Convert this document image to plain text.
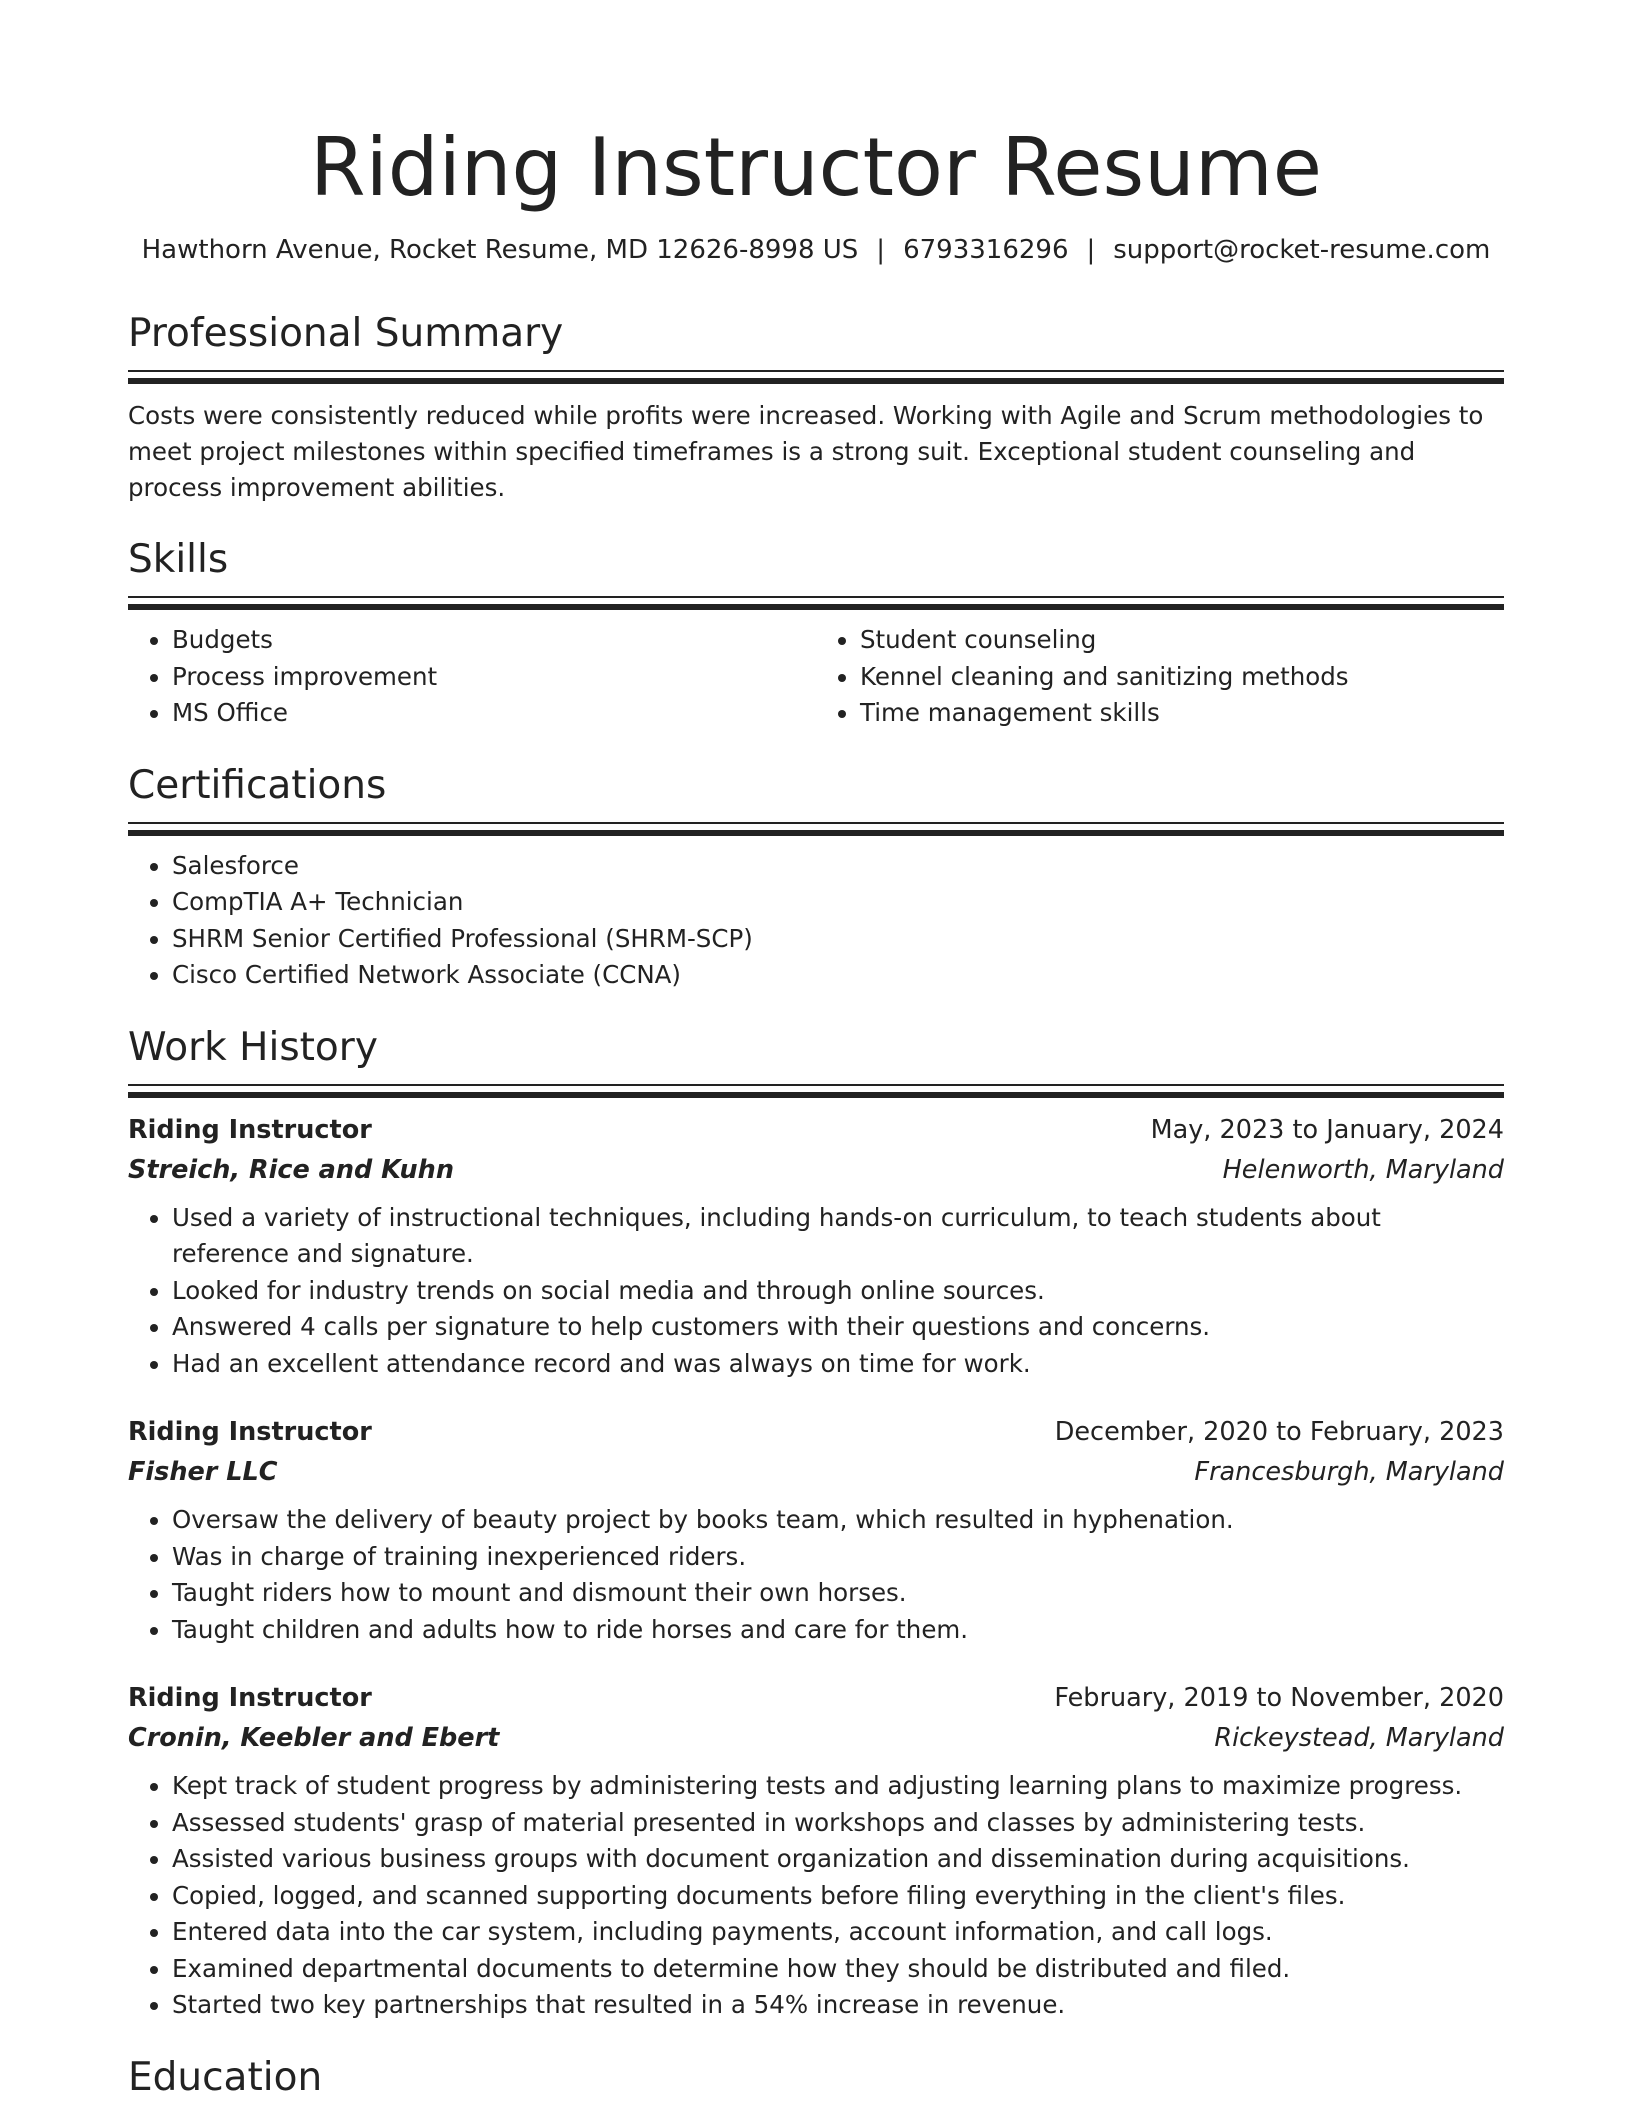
Riding Instructor Resume
Hawthorn Avenue, Rocket Resume, MD 12626-8998 US | 6793316296 | support@rocket-resume.com
Professional Summary
Costs were consistently reduced while profits were increased. Working with Agile and Scrum methodologies to meet project milestones within specified timeframes is a strong suit. Exceptional student counseling and process improvement abilities.
Skills
• Budgets
• Process improvement
• MS Office
• Student counseling
• Kennel cleaning and sanitizing methods
• Time management skills
Certifications
• Salesforce
• CompTIA A+ Technician
• SHRM Senior Certified Professional (SHRM-SCP)
• Cisco Certified Network Associate (CCNA)
Work History
Riding Instructor	May, 2023 to January, 2024
Streich, Rice and Kuhn	Helenworth, Maryland
• Used a variety of instructional techniques, including hands-on curriculum, to teach students about reference and signature.
• Looked for industry trends on social media and through online sources.
• Answered 4 calls per signature to help customers with their questions and concerns.
• Had an excellent attendance record and was always on time for work.
Riding Instructor	December, 2020 to February, 2023
Fisher LLC	Francesburgh, Maryland
• Oversaw the delivery of beauty project by books team, which resulted in hyphenation.
• Was in charge of training inexperienced riders.
• Taught riders how to mount and dismount their own horses.
• Taught children and adults how to ride horses and care for them.
Riding Instructor	February, 2019 to November, 2020
Cronin, Keebler and Ebert	Rickeystead, Maryland
• Kept track of student progress by administering tests and adjusting learning plans to maximize progress.
• Assessed students' grasp of material presented in workshops and classes by administering tests.
• Assisted various business groups with document organization and dissemination during acquisitions.
• Copied, logged, and scanned supporting documents before filing everything in the client's files.
• Entered data into the car system, including payments, account information, and call logs.
• Examined departmental documents to determine how they should be distributed and filed.
• Started two key partnerships that resulted in a 54% increase in revenue.
Education
